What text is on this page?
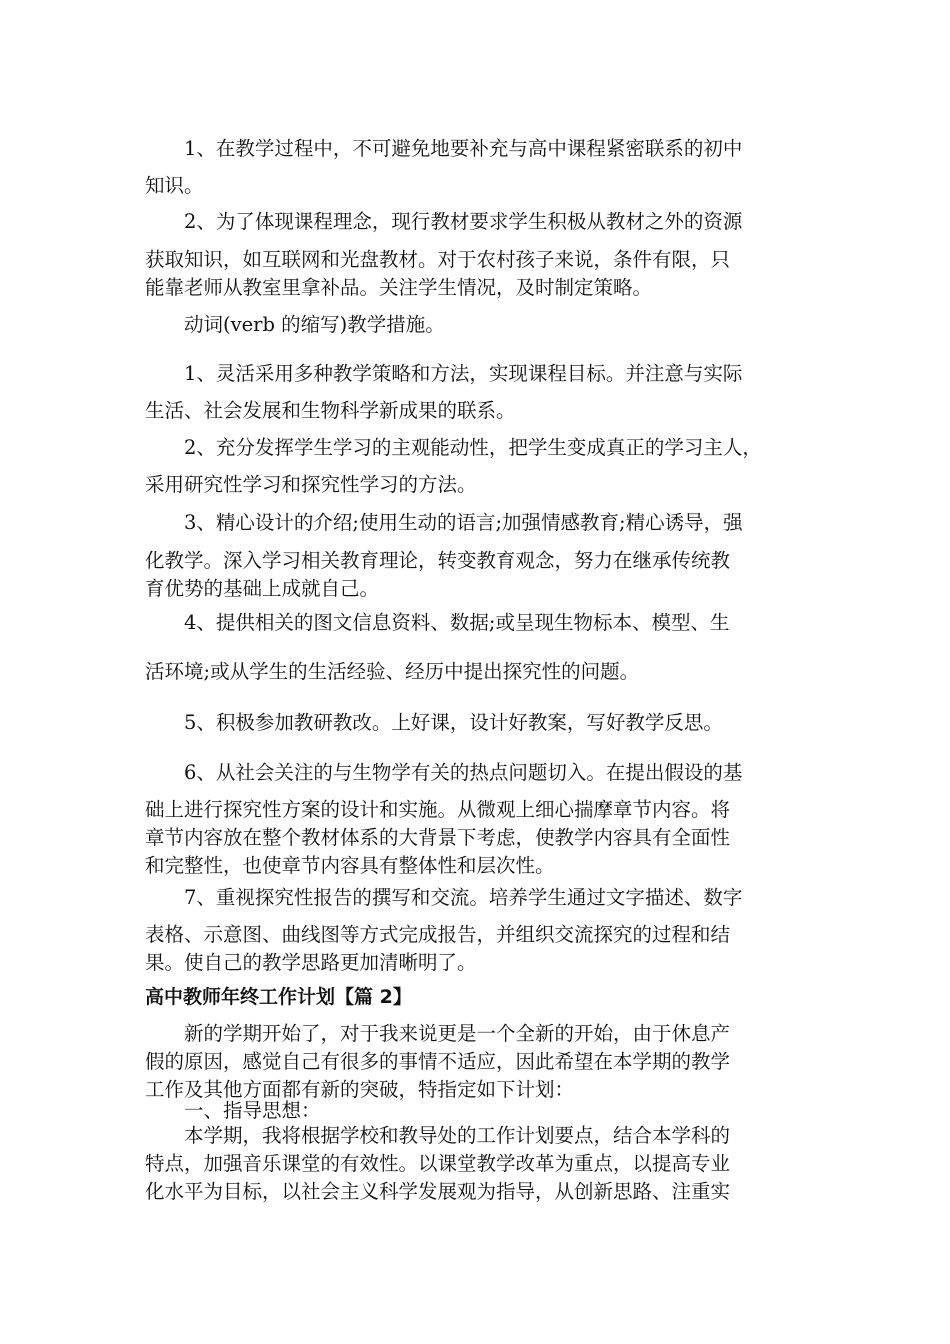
　　1、在教学过程中，不可避免地要补充与高中课程紧密联系的初中
知识。
　　2、为了体现课程理念，现行教材要求学生积极从教材之外的资源
获取知识，如互联网和光盘教材。对于农村孩子来说，条件有限，只
能靠老师从教室里拿补品。关注学生情况，及时制定策略。
　　动词(verb 的缩写)教学措施。
　　1、灵活采用多种教学策略和方法，实现课程目标。并注意与实际
生活、社会发展和生物科学新成果的联系。
　　2、充分发挥学生学习的主观能动性，把学生变成真正的学习主人，
采用研究性学习和探究性学习的方法。
　　3、精心设计的介绍;使用生动的语言;加强情感教育;精心诱导，强
化教学。深入学习相关教育理论，转变教育观念，努力在继承传统教
育优势的基础上成就自己。
　　4、提供相关的图文信息资料、数据;或呈现生物标本、模型、生
活环境;或从学生的生活经验、经历中提出探究性的问题。
　　5、积极参加教研教改。上好课，设计好教案，写好教学反思。
　　6、从社会关注的与生物学有关的热点问题切入。在提出假设的基
础上进行探究性方案的设计和实施。从微观上细心揣摩章节内容。将
章节内容放在整个教材体系的大背景下考虑，使教学内容具有全面性
和完整性，也使章节内容具有整体性和层次性。
　　7、重视探究性报告的撰写和交流。培养学生通过文字描述、数字
表格、示意图、曲线图等方式完成报告，并组织交流探究的过程和结
果。使自己的教学思路更加清晰明了。
高中教师年终工作计划【篇 2】
　　新的学期开始了，对于我来说更是一个全新的开始，由于休息产
假的原因，感觉自己有很多的事情不适应，因此希望在本学期的教学
工作及其他方面都有新的突破，特指定如下计划：
　　一、指导思想：
　　本学期，我将根据学校和教导处的工作计划要点，结合本学科的
特点，加强音乐课堂的有效性。以课堂教学改革为重点，以提高专业
化水平为目标，以社会主义科学发展观为指导，从创新思路、注重实
